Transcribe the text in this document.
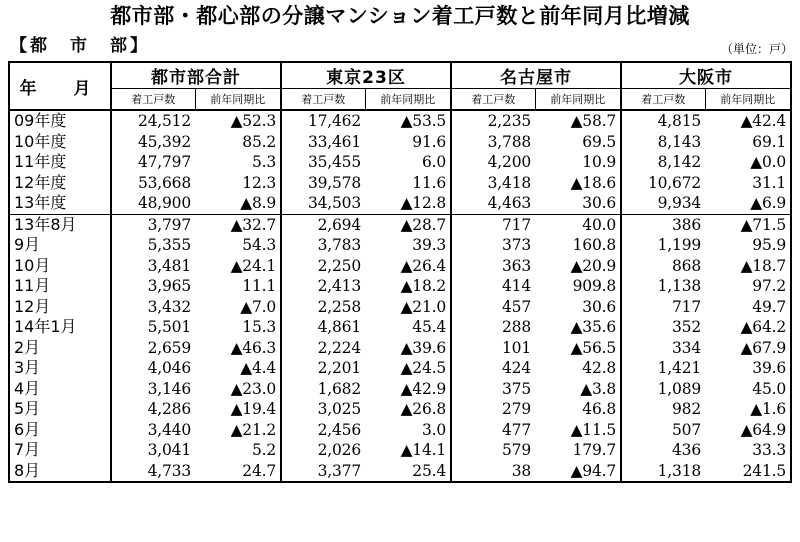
都市部・都心部の分譲マンション着工戸数と前年同月比増減
【都　市　部】	（単位：戸）
年　月	都市部合計		東京23区		名古屋市		大阪市	
	着工戸数	前年同期比	着工戸数	前年同期比	着工戸数	前年同期比	着工戸数	前年同期比
09年度	24,512	▲52.3	17,462	▲53.5	2,235	▲58.7	4,815	▲42.4
10年度	45,392	85.2	33,461	91.6	3,788	69.5	8,143	69.1
11年度	47,797	5.3	35,455	6.0	4,200	10.9	8,142	▲0.0
12年度	53,668	12.3	39,578	11.6	3,418	▲18.6	10,672	31.1
13年度	48,900	▲8.9	34,503	▲12.8	4,463	30.6	9,934	▲6.9
13年8月	3,797	▲32.7	2,694	▲28.7	717	40.0	386	▲71.5
9月	5,355	54.3	3,783	39.3	373	160.8	1,199	95.9
10月	3,481	▲24.1	2,250	▲26.4	363	▲20.9	868	▲18.7
11月	3,965	11.1	2,413	▲18.2	414	909.8	1,138	97.2
12月	3,432	▲7.0	2,258	▲21.0	457	30.6	717	49.7
14年1月	5,501	15.3	4,861	45.4	288	▲35.6	352	▲64.2
2月	2,659	▲46.3	2,224	▲39.6	101	▲56.5	334	▲67.9
3月	4,046	▲4.4	2,201	▲24.5	424	42.8	1,421	39.6
4月	3,146	▲23.0	1,682	▲42.9	375	▲3.8	1,089	45.0
5月	4,286	▲19.4	3,025	▲26.8	279	46.8	982	▲1.6
6月	3,440	▲21.2	2,456	3.0	477	▲11.5	507	▲64.9
7月	3,041	5.2	2,026	▲14.1	579	179.7	436	33.3
8月	4,733	24.7	3,377	25.4	38	▲94.7	1,318	241.5
